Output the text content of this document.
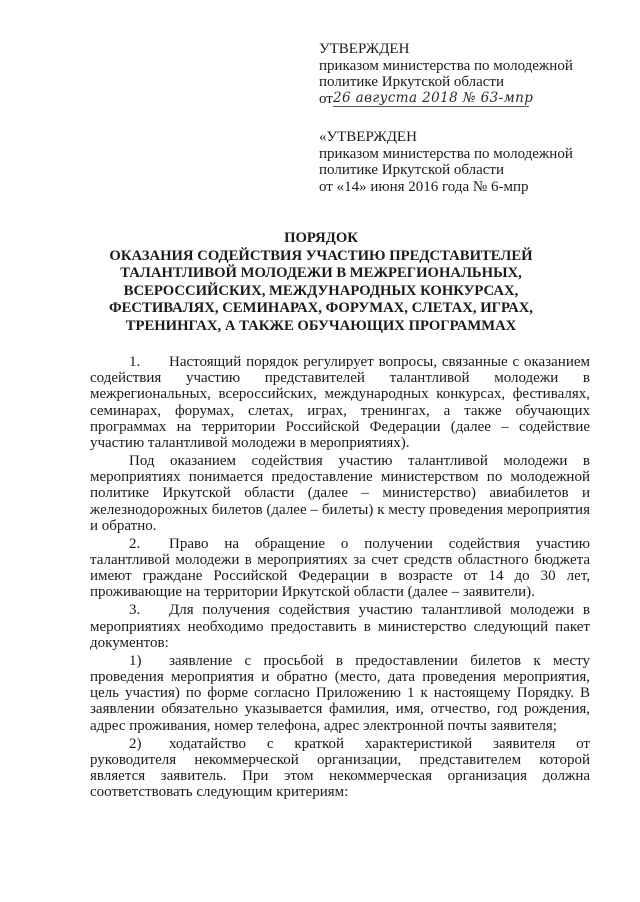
УТВЕРЖДЕН
приказом министерства по молодежной
политике Иркутской области
от 26 августа 2018 № 63-мпр
«УТВЕРЖДЕН
приказом министерства по молодежной
политике Иркутской области
от «14» июня 2016 года № 6-мпр
ПОРЯДОК
ОКАЗАНИЯ СОДЕЙСТВИЯ УЧАСТИЮ ПРЕДСТАВИТЕЛЕЙ
ТАЛАНТЛИВОЙ МОЛОДЕЖИ В МЕЖРЕГИОНАЛЬНЫХ,
ВСЕРОССИЙСКИХ, МЕЖДУНАРОДНЫХ КОНКУРСАХ,
ФЕСТИВАЛЯХ, СЕМИНАРАХ, ФОРУМАХ, СЛЕТАХ, ИГРАХ,
ТРЕНИНГАХ, А ТАКЖЕ ОБУЧАЮЩИХ ПРОГРАММАХ

1. Настоящий порядок регулирует вопросы, связанные с оказанием содействия участию представителей талантливой молодежи в межрегиональных, всероссийских, международных конкурсах, фестивалях, семинарах, форумах, слетах, играх, тренингах, а также обучающих программах на территории Российской Федерации (далее – содействие участию талантливой молодежи в мероприятиях).

Под оказанием содействия участию талантливой молодежи в мероприятиях понимается предоставление министерством по молодежной политике Иркутской области (далее – министерство) авиабилетов и железнодорожных билетов (далее – билеты) к месту проведения мероприятия и обратно.

2. Право на обращение о получении содействия участию талантливой молодежи в мероприятиях за счет средств областного бюджета имеют граждане Российской Федерации в возрасте от 14 до 30 лет, проживающие на территории Иркутской области (далее – заявители).

3. Для получения содействия участию талантливой молодежи в мероприятиях необходимо предоставить в министерство следующий пакет документов:

1) заявление с просьбой в предоставлении билетов к месту проведения мероприятия и обратно (место, дата проведения мероприятия, цель участия) по форме согласно Приложению 1 к настоящему Порядку. В заявлении обязательно указывается фамилия, имя, отчество, год рождения, адрес проживания, номер телефона, адрес электронной почты заявителя;

2) ходатайство с краткой характеристикой заявителя от руководителя некоммерческой организации, представителем которой является заявитель. При этом некоммерческая организация должна соответствовать следующим критериям:
